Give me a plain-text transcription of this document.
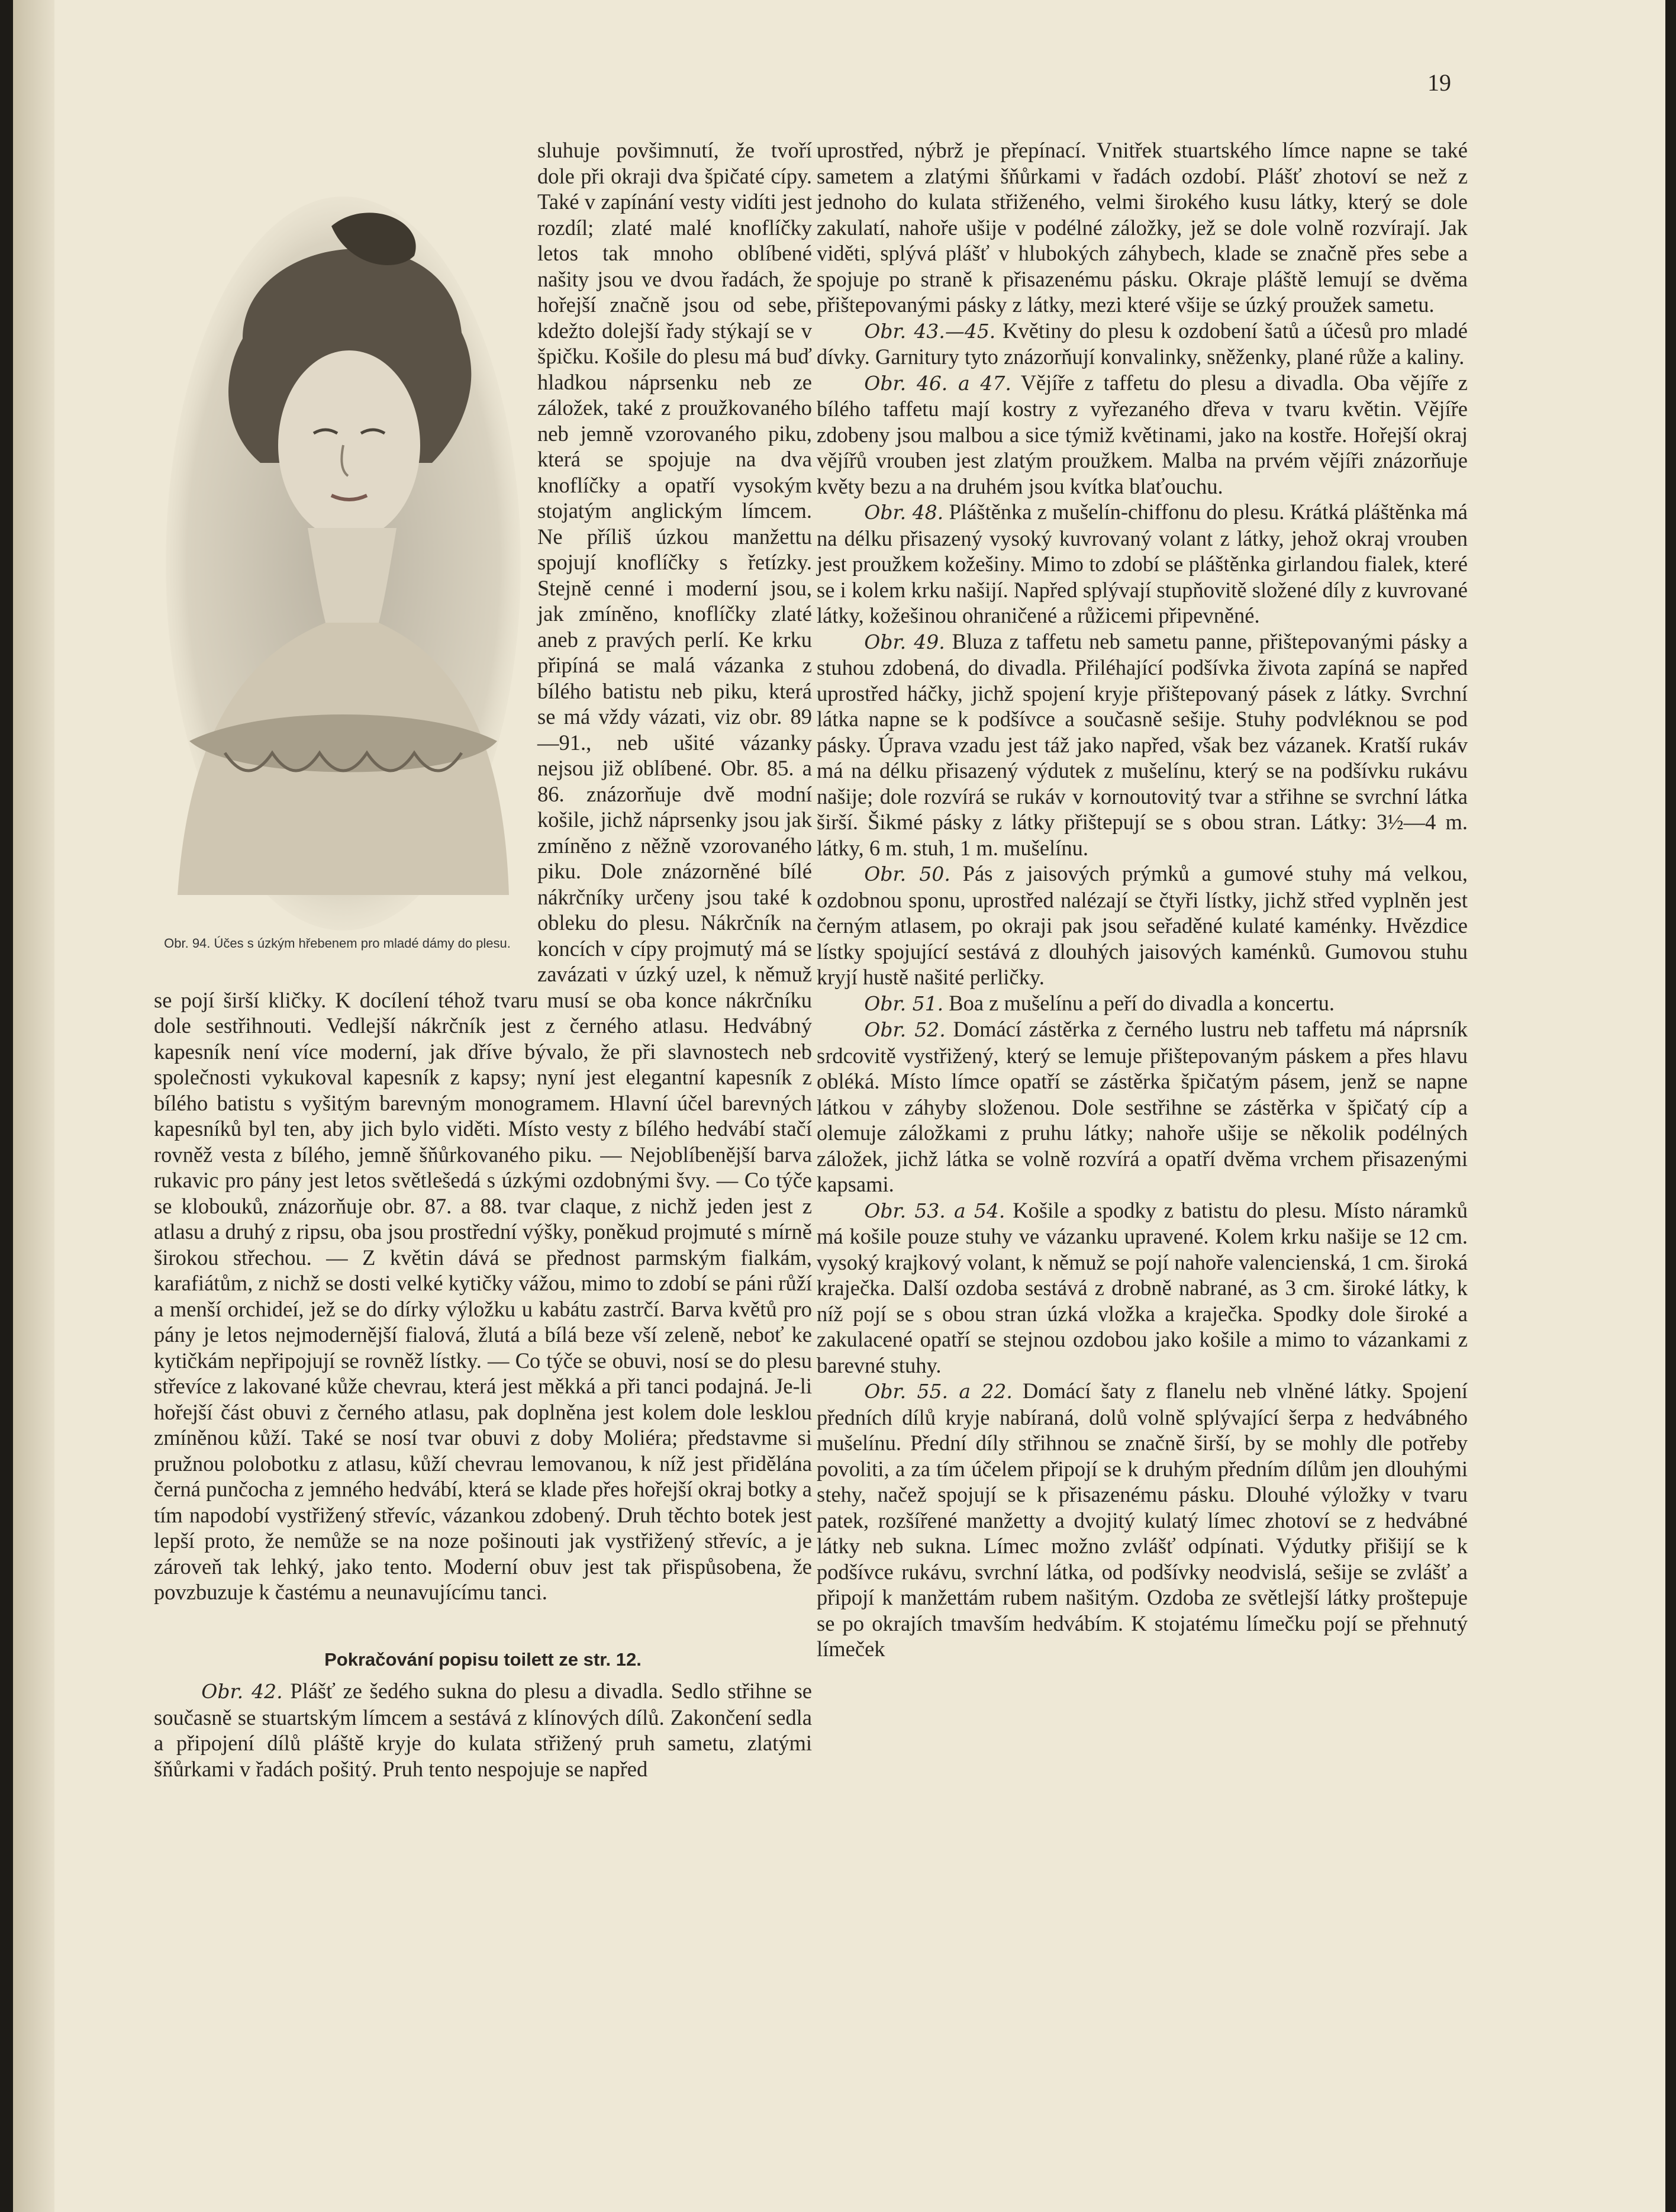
19
Obr. 94. Účes s úzkým hřebenem pro mladé dámy do plesu.

sluhuje povšimnutí, že tvoří dole při okraji dva špičaté cípy. Také v zapínání vesty vidíti jest rozdíl; zlaté malé knoflíčky letos tak mnoho oblíbené našity jsou ve dvou řadách, že hořejší značně jsou od sebe, kdežto dolejší řady stýkají se v špičku. Košile do plesu má buď hladkou náprsenku neb ze záložek, také z proužkovaného neb jemně vzorovaného piku, která se spojuje na dva knoflíčky a opatří vysokým stojatým anglickým límcem. Ne příliš úzkou manžettu spojují knoflíčky s řetízky. Stejně cenné i moderní jsou, jak zmíněno, knoflíčky zlaté aneb z pravých perlí. Ke krku připíná se malá vázanka z bílého batistu neb piku, která se má vždy vázati, viz obr. 89—91., neb ušité vázanky nejsou již oblíbené. Obr. 85. a 86. znázorňuje dvě modní košile, jichž náprsenky jsou jak zmíněno z něžně vzorovaného piku. Dole znázorněné bílé nákrčníky určeny jsou také k obleku do plesu. Nákrčník na koncích v cípy projmutý má se zavázati v úzký uzel, k němuž se pojí širší kličky. K docílení téhož tvaru musí se oba konce nákrčníku dole sestřihnouti. Vedlejší nákrčník jest z černého atlasu. Hedvábný kapesník není více moderní, jak dříve bývalo, že při slavnostech neb společnosti vykukoval kapesník z kapsy; nyní jest elegantní kapesník z bílého batistu s vyšitým barevným monogramem. Hlavní účel barevných kapesníků byl ten, aby jich bylo viděti. Místo vesty z bílého hedvábí stačí rovněž vesta z bílého, jemně šňůrkovaného piku. — Nejoblíbenější barva rukavic pro pány jest letos světlešedá s úzkými ozdobnými švy. — Co týče se klobouků, znázorňuje obr. 87. a 88. tvar claque, z nichž jeden jest z atlasu a druhý z ripsu, oba jsou prostřední výšky, poněkud projmuté s mírně širokou střechou. — Z květin dává se přednost parmským fialkám, karafiátům, z nichž se dosti velké kytičky vážou, mimo to zdobí se páni růží a menší orchideí, jež se do dírky výložku u kabátu zastrčí. Barva květů pro pány je letos nejmodernější fialová, žlutá a bílá beze vší zeleně, neboť ke kytičkám nepřipojují se rovněž lístky. — Co týče se obuvi, nosí se do plesu střevíce z lakované kůže chevrau, která jest měkká a při tanci podajná. Je-li hořejší část obuvi z černého atlasu, pak doplněna jest kolem dole lesklou zmíněnou kůží. Také se nosí tvar obuvi z doby Moliéra; představme si pružnou polobotku z atlasu, kůží chevrau lemovanou, k níž jest přidělána černá punčocha z jemného hedvábí, která se klade přes hořejší okraj botky a tím napodobí vystřižený střevíc, vázankou zdobený. Druh těchto botek jest lepší proto, že nemůže se na noze pošinouti jak vystřižený střevíc, a je zároveň tak lehký, jako tento. Moderní obuv jest tak přispůsobena, že povzbuzuje k častému a neunavujícímu tanci.

Pokračování popisu toilett ze str. 12.

Obr. 42. Plášť ze šedého sukna do plesu a divadla. Sedlo střihne se současně se stuartským límcem a sestává z klínových dílů. Zakončení sedla a připojení dílů pláště kryje do kulata střižený pruh sametu, zlatými šňůrkami v řadách pošitý. Pruh tento nespojuje se napřed

uprostřed, nýbrž je přepínací. Vnitřek stuartského límce napne se také sametem a zlatými šňůrkami v řadách ozdobí. Plášť zhotoví se než z jednoho do kulata střiženého, velmi širokého kusu látky, který se dole zakulatí, nahoře ušije v podélné záložky, jež se dole volně rozvírají. Jak viděti, splývá plášť v hlubokých záhybech, klade se značně přes sebe a spojuje po straně k přisazenému pásku. Okraje pláště lemují se dvěma přištepovanými pásky z látky, mezi které všije se úzký proužek sametu.

Obr. 43.—45. Květiny do plesu k ozdobení šatů a účesů pro mladé dívky. Garnitury tyto znázorňují konvalinky, sněženky, plané růže a kaliny.

Obr. 46. a 47. Vějíře z taffetu do plesu a divadla. Oba vějíře z bílého taffetu mají kostry z vyřezaného dřeva v tvaru květin. Vějíře zdobeny jsou malbou a sice týmiž květinami, jako na kostře. Hořejší okraj vějířů vrouben jest zlatým proužkem. Malba na prvém vějíři znázorňuje květy bezu a na druhém jsou kvítka blaťouchu.

Obr. 48. Pláštěnka z mušelín-chiffonu do plesu. Krátká pláštěnka má na délku přisazený vysoký kuvrovaný volant z látky, jehož okraj vrouben jest proužkem kožešiny. Mimo to zdobí se pláštěnka girlandou fialek, které se i kolem krku našijí. Napřed splývají stupňovitě složené díly z kuvrované látky, kožešinou ohraničené a růžicemi připevněné.

Obr. 49. Bluza z taffetu neb sametu panne, přištepovanými pásky a stuhou zdobená, do divadla. Přiléhající podšívka života zapíná se napřed uprostřed háčky, jichž spojení kryje přištepovaný pásek z látky. Svrchní látka napne se k podšívce a současně sešije. Stuhy podvléknou se pod pásky. Úprava vzadu jest táž jako napřed, však bez vázanek. Kratší rukáv má na délku přisazený výdutek z mušelínu, který se na podšívku rukávu našije; dole rozvírá se rukáv v kornoutovitý tvar a střihne se svrchní látka širší. Šikmé pásky z látky přištepují se s obou stran. Látky: 3½—4 m. látky, 6 m. stuh, 1 m. mušelínu.

Obr. 50. Pás z jaisových prýmků a gumové stuhy má velkou, ozdobnou sponu, uprostřed nalézají se čtyři lístky, jichž střed vyplněn jest černým atlasem, po okraji pak jsou seřaděné kulaté kaménky. Hvězdice lístky spojující sestává z dlouhých jaisových kaménků. Gumovou stuhu kryjí hustě našité perličky.

Obr. 51. Boa z mušelínu a peří do divadla a koncertu.

Obr. 52. Domácí zástěrka z černého lustru neb taffetu má náprsník srdcovitě vystřižený, který se lemuje přištepovaným páskem a přes hlavu obléká. Místo límce opatří se zástěrka špičatým pásem, jenž se napne látkou v záhyby složenou. Dole sestřihne se zástěrka v špičatý cíp a olemuje záložkami z pruhu látky; nahoře ušije se několik podélných záložek, jichž látka se volně rozvírá a opatří dvěma vrchem přisazenými kapsami.

Obr. 53. a 54. Košile a spodky z batistu do plesu. Místo náramků má košile pouze stuhy ve vázanku upravené. Kolem krku našije se 12 cm. vysoký krajkový volant, k němuž se pojí nahoře valencienská, 1 cm. široká kraječka. Další ozdoba sestává z drobně nabrané, as 3 cm. široké látky, k níž pojí se s obou stran úzká vložka a kraječka. Spodky dole široké a zakulacené opatří se stejnou ozdobou jako košile a mimo to vázankami z barevné stuhy.

Obr. 55. a 22. Domácí šaty z flanelu neb vlněné látky. Spojení předních dílů kryje nabíraná, dolů volně splývající šerpa z hedvábného mušelínu. Přední díly střihnou se značně širší, by se mohly dle potřeby povoliti, a za tím účelem připojí se k druhým předním dílům jen dlouhými stehy, načež spojují se k přisazenému pásku. Dlouhé výložky v tvaru patek, rozšířené manžetty a dvojitý kulatý límec zhotoví se z hedvábné látky neb sukna. Límec možno zvlášť odpínati. Výdutky přišijí se k podšívce rukávu, svrchní látka, od podšívky neodvislá, sešije se zvlášť a připojí k manžettám rubem našitým. Ozdoba ze světlejší látky proštepuje se po okrajích tmavším hedvábím. K stojatému límečku pojí se přehnutý límeček
